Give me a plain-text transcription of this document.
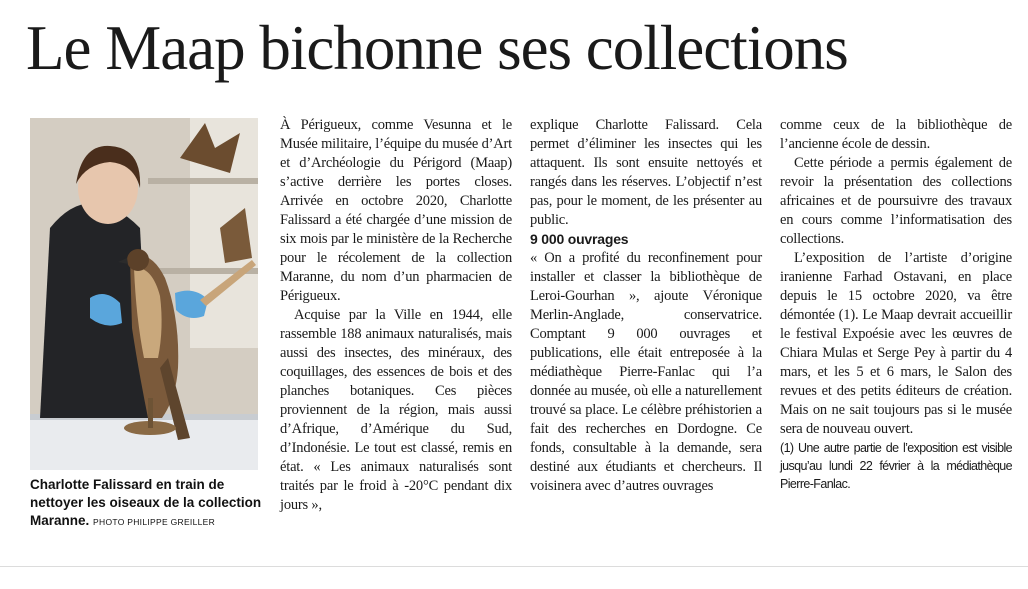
Le Maap bichonne ses collections
Charlotte Falissard en train de nettoyer les oiseaux de la collection Maranne. PHOTO PHILIPPE GREILLER

À Périgueux, comme Vesunna et le Musée militaire, l’équipe du musée d’Art et d’Archéologie du Périgord (Maap) s’active derrière les portes closes. Arrivée en octobre 2020, Charlotte Falissard a été chargée d’une mission de six mois par le ministère de la Recherche pour le récolement de la collection Maranne, du nom d’un pharmacien de Périgueux.

Acquise par la Ville en 1944, elle rassemble 188 animaux naturalisés, mais aussi des insectes, des minéraux, des coquillages, des essences de bois et des planches botaniques. Ces pièces proviennent de la région, mais aussi d’Afrique, d’Amérique du Sud, d’Indonésie. Le tout est classé, remis en état. « Les animaux naturalisés sont traités par le froid à -20°C pendant dix jours »,

explique Charlotte Falissard. Cela permet d’éliminer les insectes qui les attaquent. Ils sont ensuite nettoyés et rangés dans les réserves. L’objectif n’est pas, pour le moment, de les présenter au public.

9 000 ouvrages

« On a profité du reconfinement pour installer et classer la bibliothèque de Leroi-Gourhan », ajoute Véronique Merlin-Anglade, conservatrice. Comptant 9 000 ouvrages et publications, elle était entreposée à la médiathèque Pierre-Fanlac qui l’a donnée au musée, où elle a naturellement trouvé sa place. Le célèbre préhistorien a fait des recherches en Dordogne. Ce fonds, consultable à la demande, sera destiné aux étudiants et chercheurs. Il voisinera avec d’autres ouvrages

comme ceux de la bibliothèque de l’ancienne école de dessin.

Cette période a permis également de revoir la présentation des collections africaines et de poursuivre des travaux en cours comme l’informatisation des collections.

L’exposition de l’artiste d’origine iranienne Farhad Ostavani, en place depuis le 15 octobre 2020, va être démontée (1). Le Maap devrait accueillir le festival Expoésie avec les œuvres de Chiara Mulas et Serge Pey à partir du 4 mars, et les 5 et 6 mars, le Salon des revues et des petits éditeurs de création. Mais on ne sait toujours pas si le musée sera de nouveau ouvert.

(1) Une autre partie de l’exposition est visible jusqu’au lundi 22 février à la médiathèque Pierre-Fanlac.
